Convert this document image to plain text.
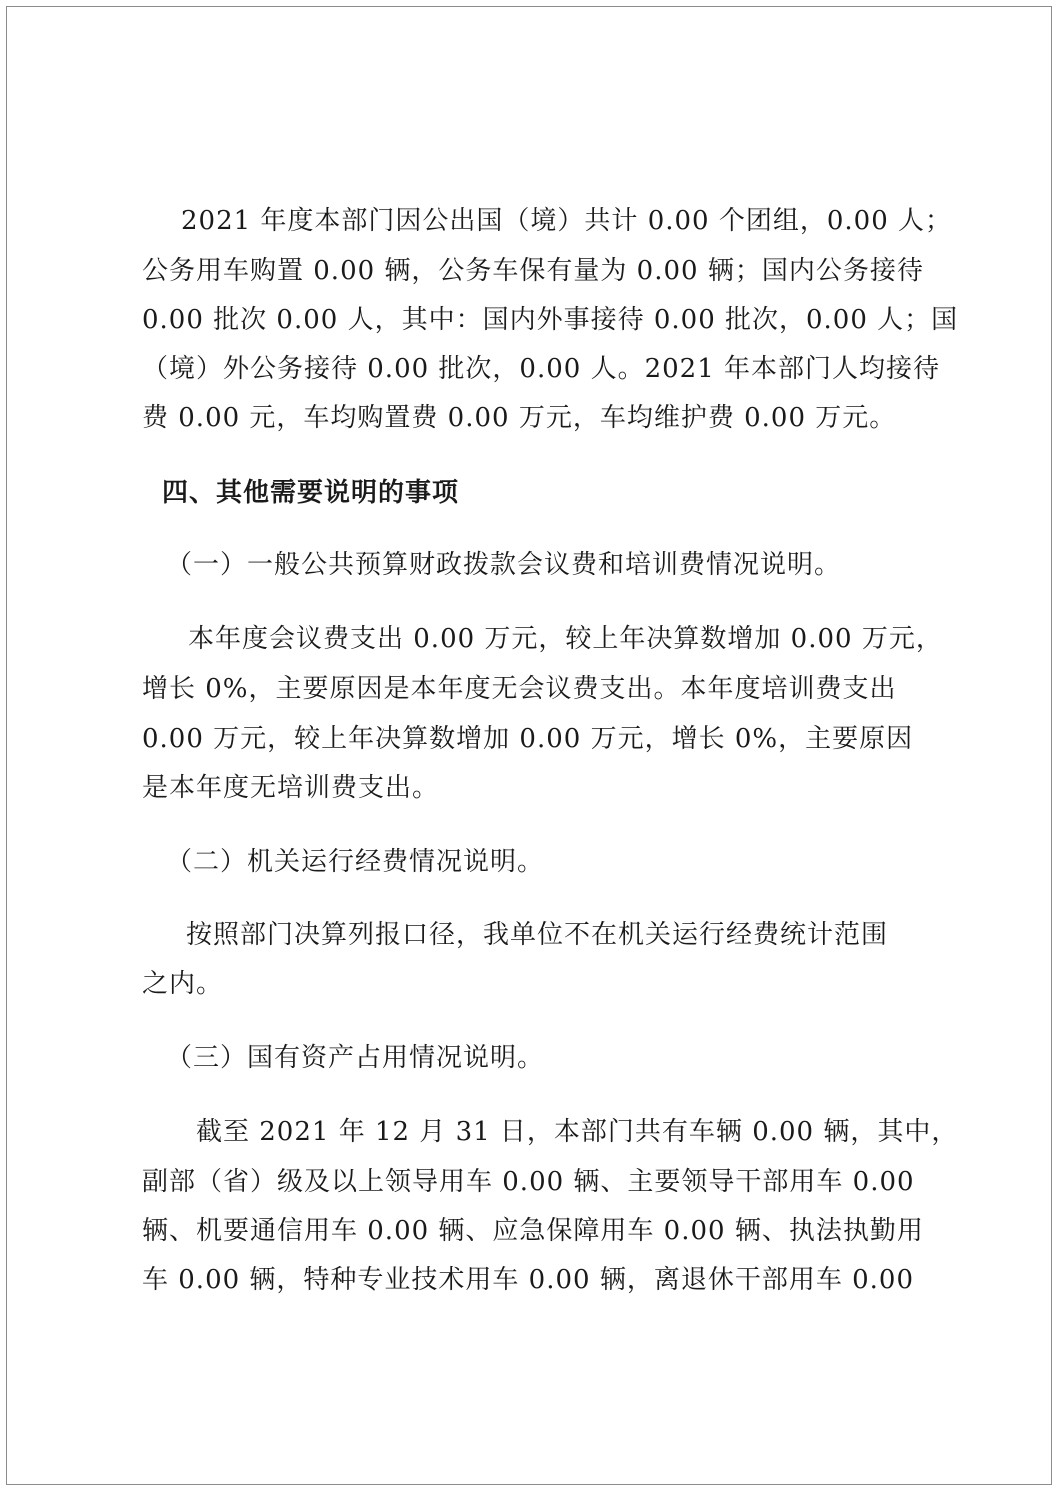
2021 年度本部门因公出国（境）共计 0.00 个团组，0.00 人；
公务用车购置 0.00 辆，公务车保有量为 0.00 辆；国内公务接待
0.00 批次 0.00 人，其中：国内外事接待 0.00 批次，0.00 人；国
（境）外公务接待 0.00 批次，0.00 人。2021 年本部门人均接待
费 0.00 元，车均购置费 0.00 万元，车均维护费 0.00 万元。
四、其他需要说明的事项
（一）一般公共预算财政拨款会议费和培训费情况说明。
本年度会议费支出 0.00 万元，较上年决算数增加 0.00 万元，
增长 0%，主要原因是本年度无会议费支出。本年度培训费支出
0.00 万元，较上年决算数增加 0.00 万元，增长 0%，主要原因
是本年度无培训费支出。
（二）机关运行经费情况说明。
按照部门决算列报口径，我单位不在机关运行经费统计范围
之内。
（三）国有资产占用情况说明。
截至 2021 年 12 月 31 日，本部门共有车辆 0.00 辆，其中，
副部（省）级及以上领导用车 0.00 辆、主要领导干部用车 0.00
辆、机要通信用车 0.00 辆、应急保障用车 0.00 辆、执法执勤用
车 0.00 辆，特种专业技术用车 0.00 辆，离退休干部用车 0.00
